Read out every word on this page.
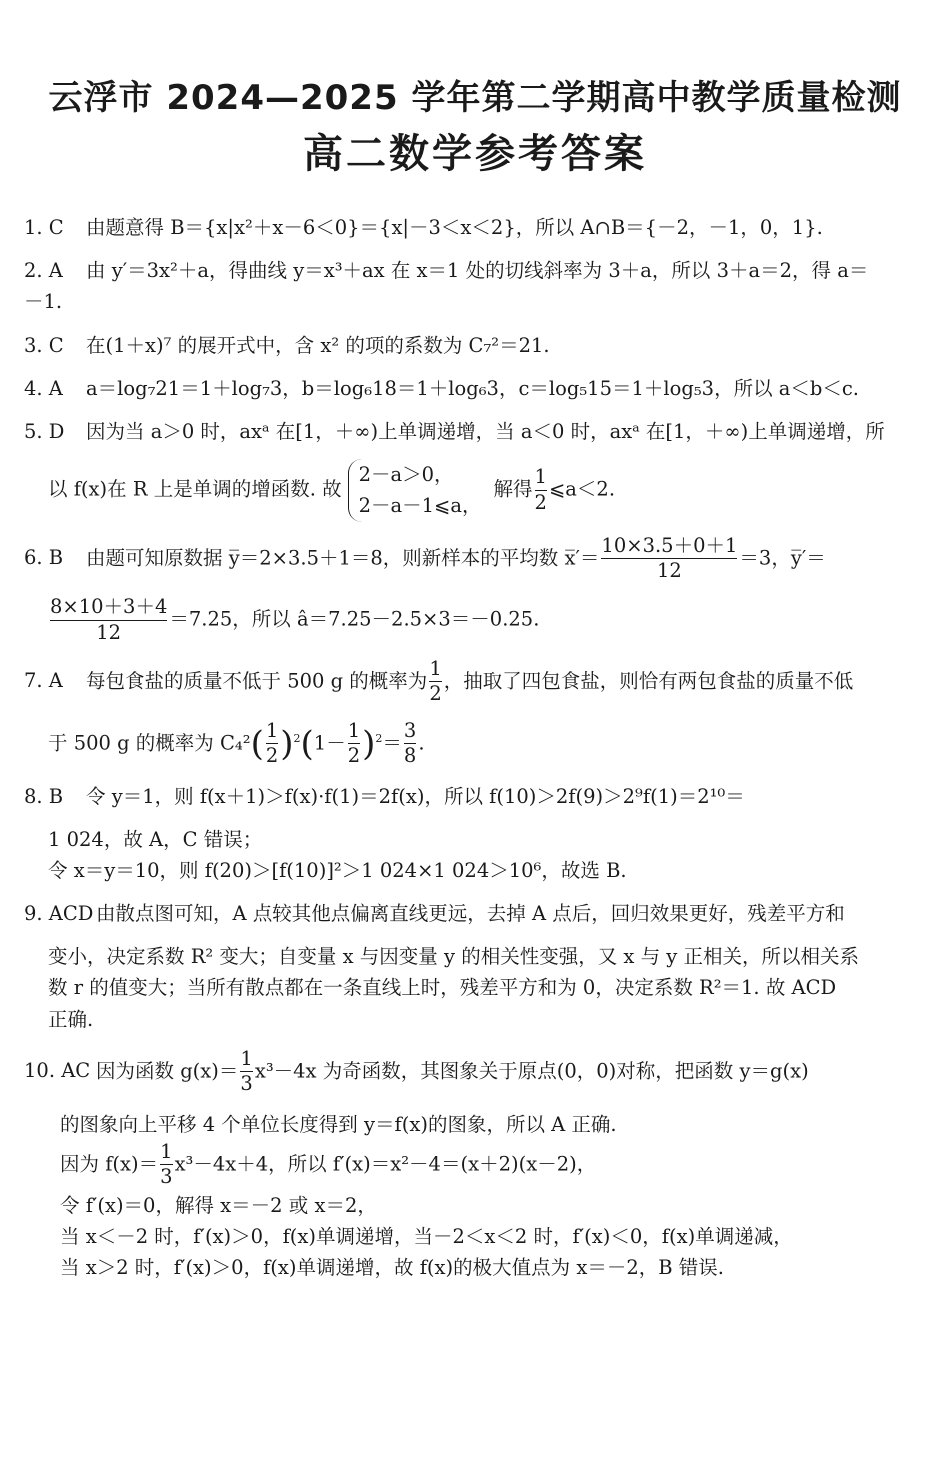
云浮市 2024—2025 学年第二学期高中教学质量检测
高二数学参考答案
1. C 由题意得 B＝{x|x²＋x－6＜0}＝{x|－3＜x＜2}，所以 A∩B＝{－2，－1，0，1}.
2. A 由 y′＝3x²＋a，得曲线 y＝x³＋ax 在 x＝1 处的切线斜率为 3＋a，所以 3＋a＝2，得 a＝
－1.
3. C 在(1＋x)⁷ 的展开式中，含 x² 的项的系数为 C₇²＝21.
4. A a＝log₇21＝1＋log₇3，b＝log₆18＝1＋log₆3，c＝log₅15＝1＋log₅3，所以 a＜b＜c.
5. D 因为当 a＞0 时，axᵃ 在[1，＋∞)上单调递增，当 a＜0 时，axᵃ 在[1，＋∞)上单调递增，所
以 f(x)在 R 上是单调的增函数. 故
2－a＞0，
2－a－1⩽a，
解得 $\frac{1}{2}$ ⩽a＜2.
6. B 由题可知原数据 y̅＝2×3.5＋1＝8，则新样本的平均数 x̅′＝ $\frac{10\times 3.5+0+1}{12} =3$，y̅′＝
$\frac{8\times 10+3+4}{12} =7.25$，所以 â＝7.25－2.5×3＝－0.25.
7. A 每包食盐的质量不低于 500 g 的概率为 $\frac{1}{2}$ ，抽取了四包食盐，则恰有两包食盐的质量不低
于 500 g 的概率为 $C_4^2( \frac{1}{2} )^2(1- \frac{1}{2} )^2= \frac{3}{8}$ .
8. B 令 y＝1，则 f(x＋1)＞f(x)·f(1)＝2f(x)，所以 f(10)＞2f(9)＞2⁹f(1)＝2¹⁰＝
1 024，故 A，C 错误；
令 x＝y＝10，则 f(20)＞[f(10)]²＞1 024×1 024＞10⁶，故选 B.
9. ACD 由散点图可知，A 点较其他点偏离直线更远，去掉 A 点后，回归效果更好，残差平方和
变小，决定系数 R² 变大；自变量 x 与因变量 y 的相关性变强，又 x 与 y 正相关，所以相关系
数 r 的值变大；当所有散点都在一条直线上时，残差平方和为 0，决定系数 R²＝1. 故 ACD
正确.
10. AC 因为函数 $g(x)= \frac{1}{3} x^3-4x$ 为奇函数，其图象关于原点(0，0)对称，把函数 y＝g(x)
的图象向上平移 4 个单位长度得到 y＝f(x)的图象，所以 A 正确.
因为 $f(x)= \frac{1}{3} x^3-4x+4$，所以 f′(x)＝x²－4＝(x＋2)(x－2)，
令 f′(x)＝0，解得 x＝－2 或 x＝2，
当 x＜－2 时，f′(x)＞0，f(x)单调递增，当－2＜x＜2 时，f′(x)＜0，f(x)单调递减，
当 x＞2 时，f′(x)＞0，f(x)单调递增，故 f(x)的极大值点为 x＝－2，B 错误.
